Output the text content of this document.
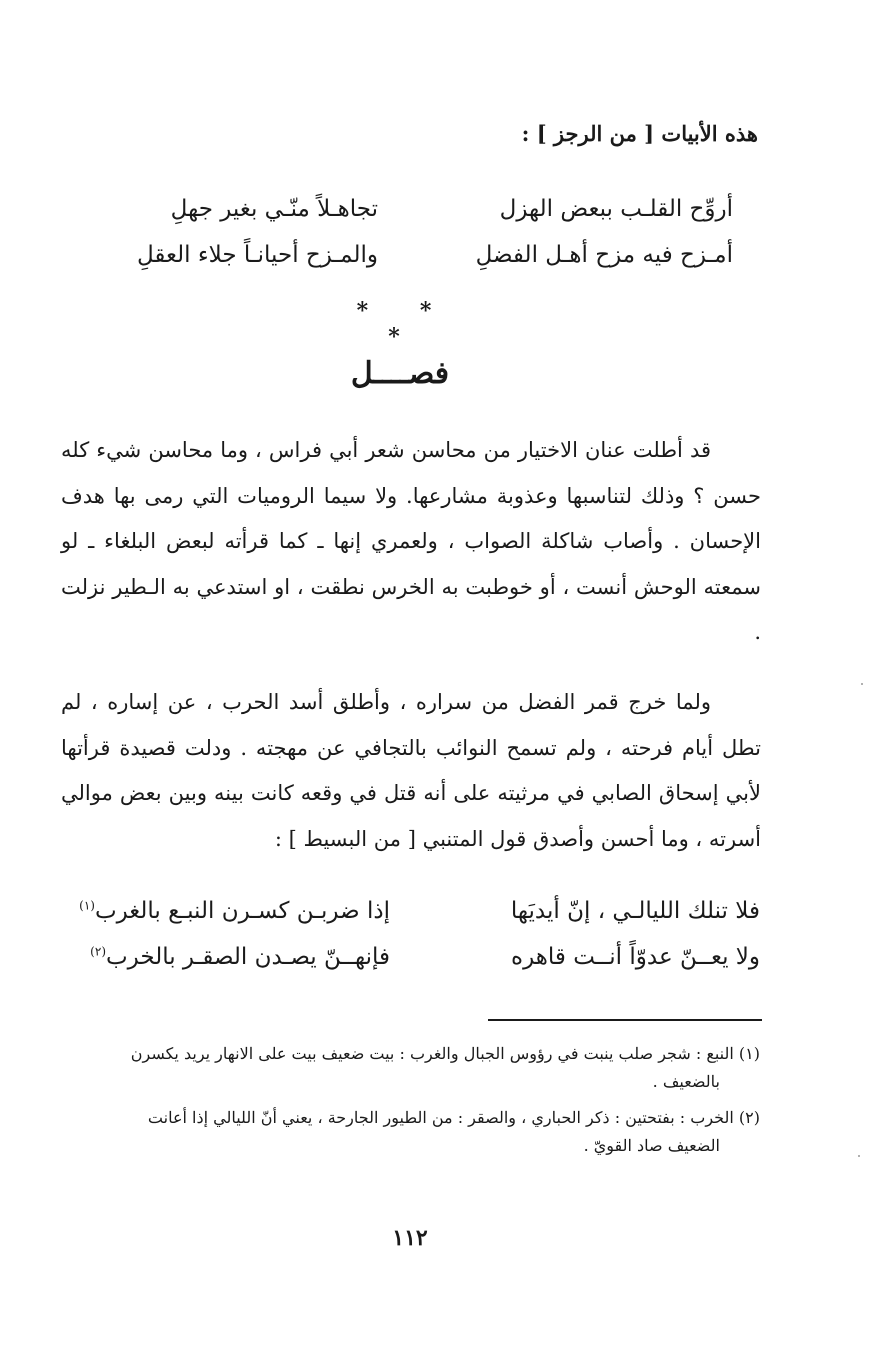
هذه الأبيات [ من الرجز ] :
أروِّح القلـب ببعض الهزل
تجاهـلاً منّـي بغير جهلِ
أمـزح فيه مزح أهـل الفضلِ
والمـزح أحيانـاً جلاء العقلِ
* * *
فصــــل
قد أطلت عنان الاختيار من محاسن شعر أبي فراس ، وما محاسن شيء كله حسن ؟ وذلك لتناسبها وعذوبة مشارعها. ولا سيما الروميات التي رمى بها هدف الإحسان . وأصاب شاكلة الصواب ، ولعمري إنها ـ كما قرأته لبعض البلغاء ـ لو سمعته الوحش أنست ، أو خوطبت به الخرس نطقت ، او استدعي به الـطير نزلت .
ولما خرج قمر الفضل من سراره ، وأطلق أسد الحرب ، عن إساره ، لم تطل أيام فرحته ، ولم تسمح النوائب بالتجافي عن مهجته . ودلت قصيدة قرأتها لأبي إسحاق الصابي في مرثيته على أنه قتل في وقعه كانت بينه وبين بعض موالي أسرته ، وما أحسن وأصدق قول المتنبي [ من البسيط ] :
فلا تنلك الليالـي ، إنّ أيديَها
إذا ضربـن كسـرن النبـع بالغرب$^{(١)}$
ولا يعــنّ عدوّاً أنــت قاهره
فإنهــنّ يصـدن الصقـر بالخرب$^{(٢)}$
(١) النبع : شجر صلب ينبت في رؤوس الجبال والغرب : بيت ضعيف بيت على الانهار يريد يكسرن
بالضعيف .
(٢) الخرب : بفتحتين : ذكر الحباري ، والصقر : من الطيور الجارحة ، يعني أنّ الليالي إذا أعانت
الضعيف صاد القويّ .
١١٢
